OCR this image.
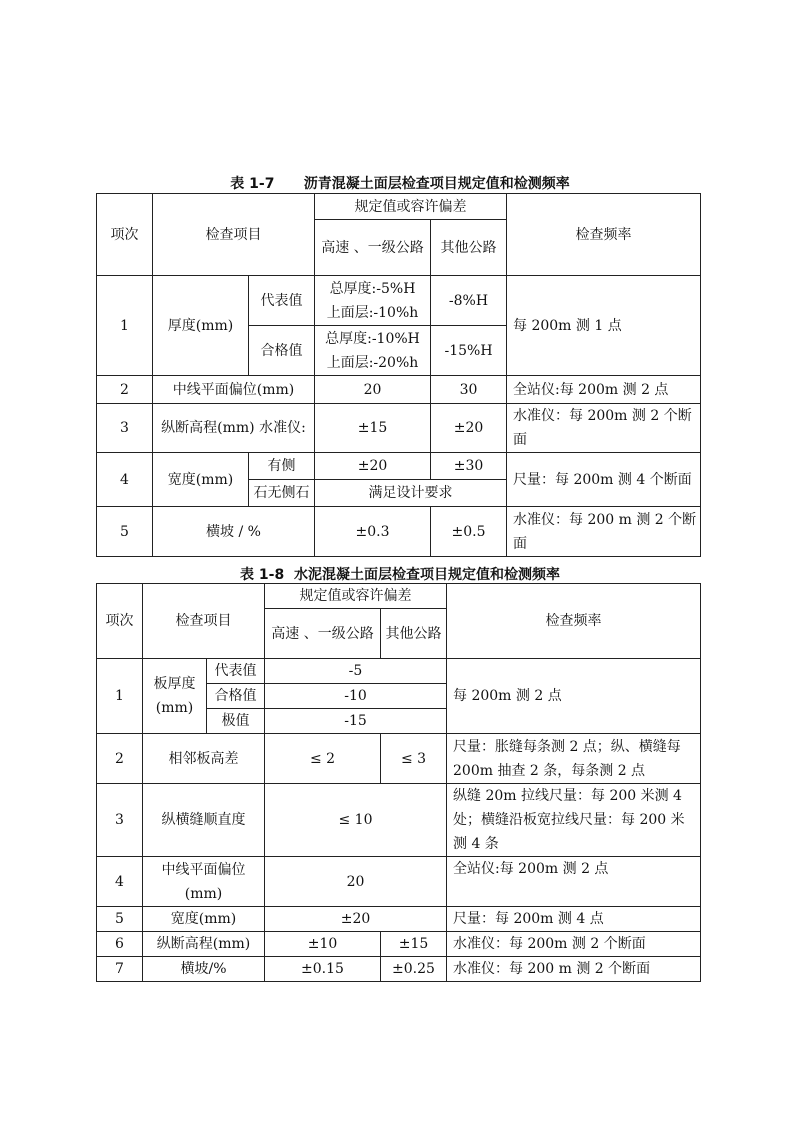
表 1-7      沥青混凝土面层检查项目规定值和检测频率
项次	检查项目		规定值或容许偏差		检查频率
			高速 、一级公路	其他公路	
1	厚度(mm)	代表值	总厚度:-5%H
上面层:-10%h	-8%H	每 200m 测 1 点
		合格值	总厚度:-10%H
上面层:-20%h	-15%H	
2	中线平面偏位(mm)		20	30	全站仪:每 200m 测 2 点
3	纵断高程(mm) 水准仪:		±15	±20	水准仪：每 200m 测 2 个断面
4	宽度(mm)	有侧	±20	±30	尺量：每 200m 测 4 个断面
		石无侧石	满足设计要求		
5	横坡 / %		±0.3	±0.5	水准仪：每 200 m 测 2 个断面
表 1-8  水泥混凝土面层检查项目规定值和检测频率
项次	检查项目		规定值或容许偏差		检查频率
			高速 、一级公路	其他公路	
1	板厚度(mm)	代表值	-5		每 200m 测 2 点
		合格值	-10		
		极值	-15		
2	相邻板高差		≤ 2	≤ 3	尺量：胀缝每条测 2 点；纵、横缝每 200m 抽查 2 条，每条测 2 点
3	纵横缝顺直度		≤ 10		纵缝 20m 拉线尺量：每 200 米测 4 处；横缝沿板宽拉线尺量：每 200 米测 4 条
4	中线平面偏位(mm)		20		全站仪:每 200m 测 2 点
5	宽度(mm)		±20		尺量：每 200m 测 4 点
6	纵断高程(mm)		±10	±15	水准仪：每 200m 测 2 个断面
7	横坡/%		±0.15	±0.25	水准仪：每 200 m 测 2 个断面
